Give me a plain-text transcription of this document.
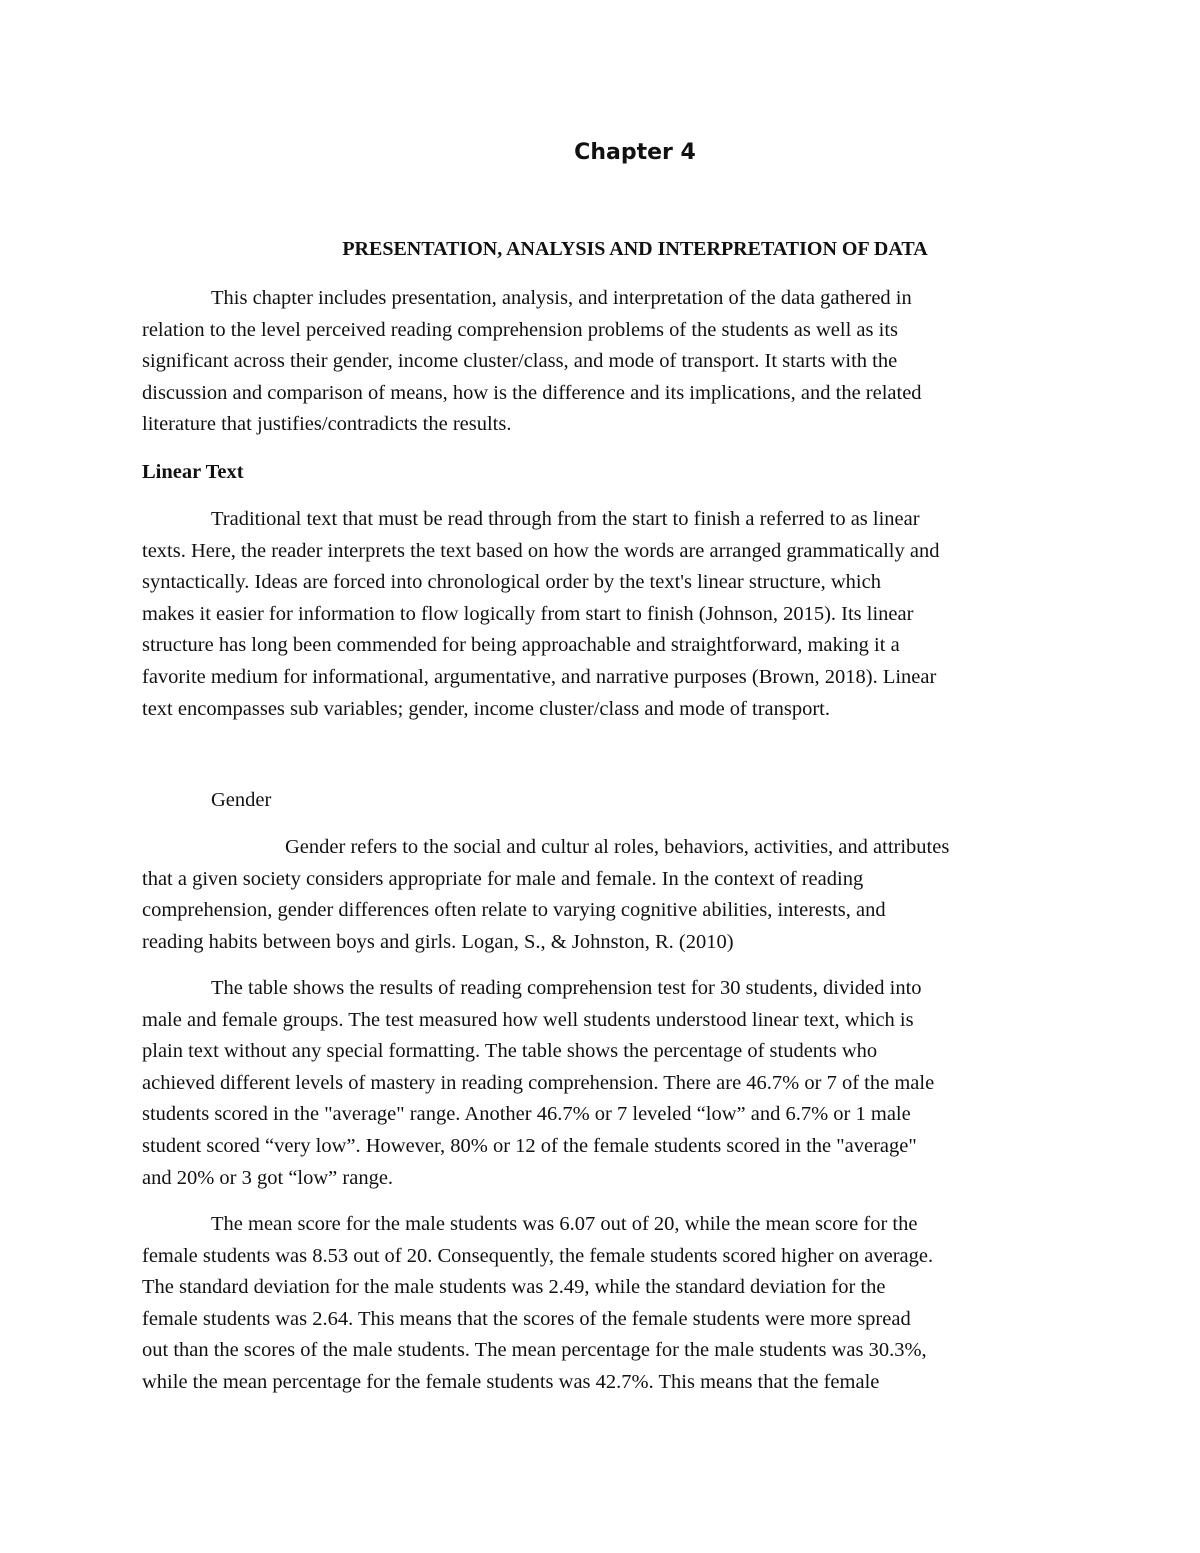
Chapter 4
PRESENTATION, ANALYSIS AND INTERPRETATION OF DATA
This chapter includes presentation, analysis, and interpretation of the data gathered in
relation to the level perceived reading comprehension problems of the students as well as its
significant across their gender, income cluster/class, and mode of transport. It starts with the
discussion and comparison of means, how is the difference and its implications, and the related
literature that justifies/contradicts the results.
Linear Text
Traditional text that must be read through from the start to finish a referred to as linear
texts. Here, the reader interprets the text based on how the words are arranged grammatically and
syntactically. Ideas are forced into chronological order by the text's linear structure, which
makes it easier for information to flow logically from start to finish (Johnson, 2015). Its linear
structure has long been commended for being approachable and straightforward, making it a
favorite medium for informational, argumentative, and narrative purposes (Brown, 2018). Linear
text encompasses sub variables; gender, income cluster/class and mode of transport.
Gender
Gender refers to the social and cultur al roles, behaviors, activities, and attributes
that a given society considers appropriate for male and female. In the context of reading
comprehension, gender differences often relate to varying cognitive abilities, interests, and
reading habits between boys and girls. Logan, S., & Johnston, R. (2010)
The table shows the results of reading comprehension test for 30 students, divided into
male and female groups. The test measured how well students understood linear text, which is
plain text without any special formatting. The table shows the percentage of students who
achieved different levels of mastery in reading comprehension. There are 46.7% or 7 of the male
students scored in the "average" range. Another 46.7% or 7 leveled “low” and 6.7% or 1 male
student scored “very low”. However, 80% or 12 of the female students scored in the "average"
and 20% or 3 got “low” range.
The mean score for the male students was 6.07 out of 20, while the mean score for the
female students was 8.53 out of 20. Consequently, the female students scored higher on average.
The standard deviation for the male students was 2.49, while the standard deviation for the
female students was 2.64. This means that the scores of the female students were more spread
out than the scores of the male students. The mean percentage for the male students was 30.3%,
while the mean percentage for the female students was 42.7%. This means that the female
